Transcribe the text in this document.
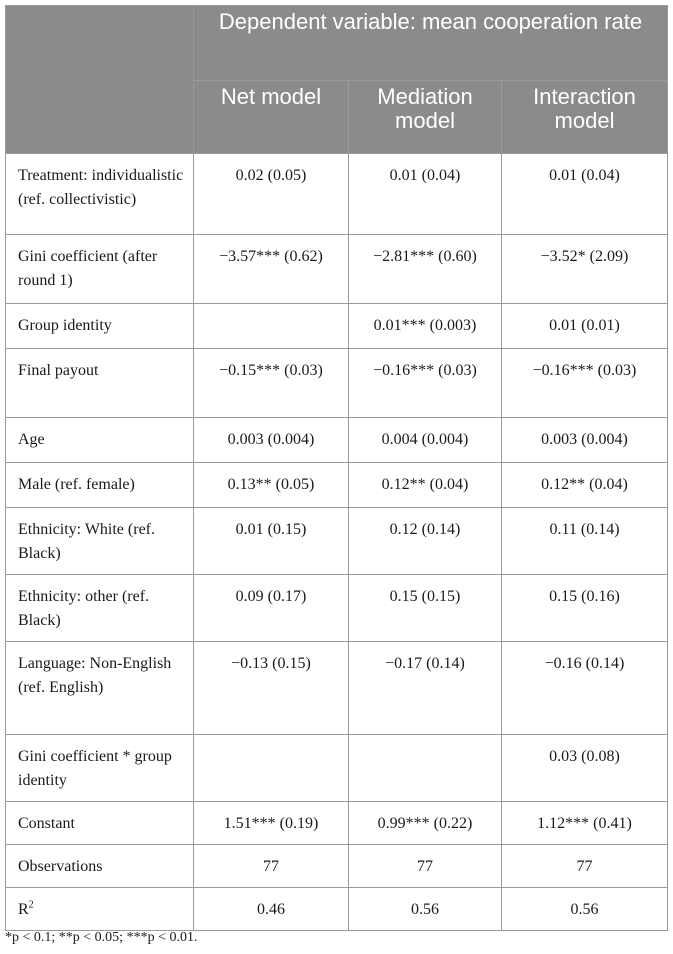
	Dependent variable: mean cooperation rate		
	Net model	Mediation model	Interaction model
Treatment: individualistic (ref. collectivistic)	0.02 (0.05)	0.01 (0.04)	0.01 (0.04)
Gini coefficient (after round 1)	−3.57*** (0.62)	−2.81*** (0.60)	−3.52* (2.09)
Group identity		0.01*** (0.003)	0.01 (0.01)
Final payout	−0.15*** (0.03)	−0.16*** (0.03)	−0.16*** (0.03)
Age	0.003 (0.004)	0.004 (0.004)	0.003 (0.004)
Male (ref. female)	0.13** (0.05)	0.12** (0.04)	0.12** (0.04)
Ethnicity: White (ref. Black)	0.01 (0.15)	0.12 (0.14)	0.11 (0.14)
Ethnicity: other (ref. Black)	0.09 (0.17)	0.15 (0.15)	0.15 (0.16)
Language: Non-English (ref. English)	−0.13 (0.15)	−0.17 (0.14)	−0.16 (0.14)
Gini coefficient * group identity			0.03 (0.08)
Constant	1.51*** (0.19)	0.99*** (0.22)	1.12*** (0.41)
Observations	77	77	77
$R^2$	0.46	0.56	0.56
*p < 0.1; **p < 0.05; ***p < 0.01.
